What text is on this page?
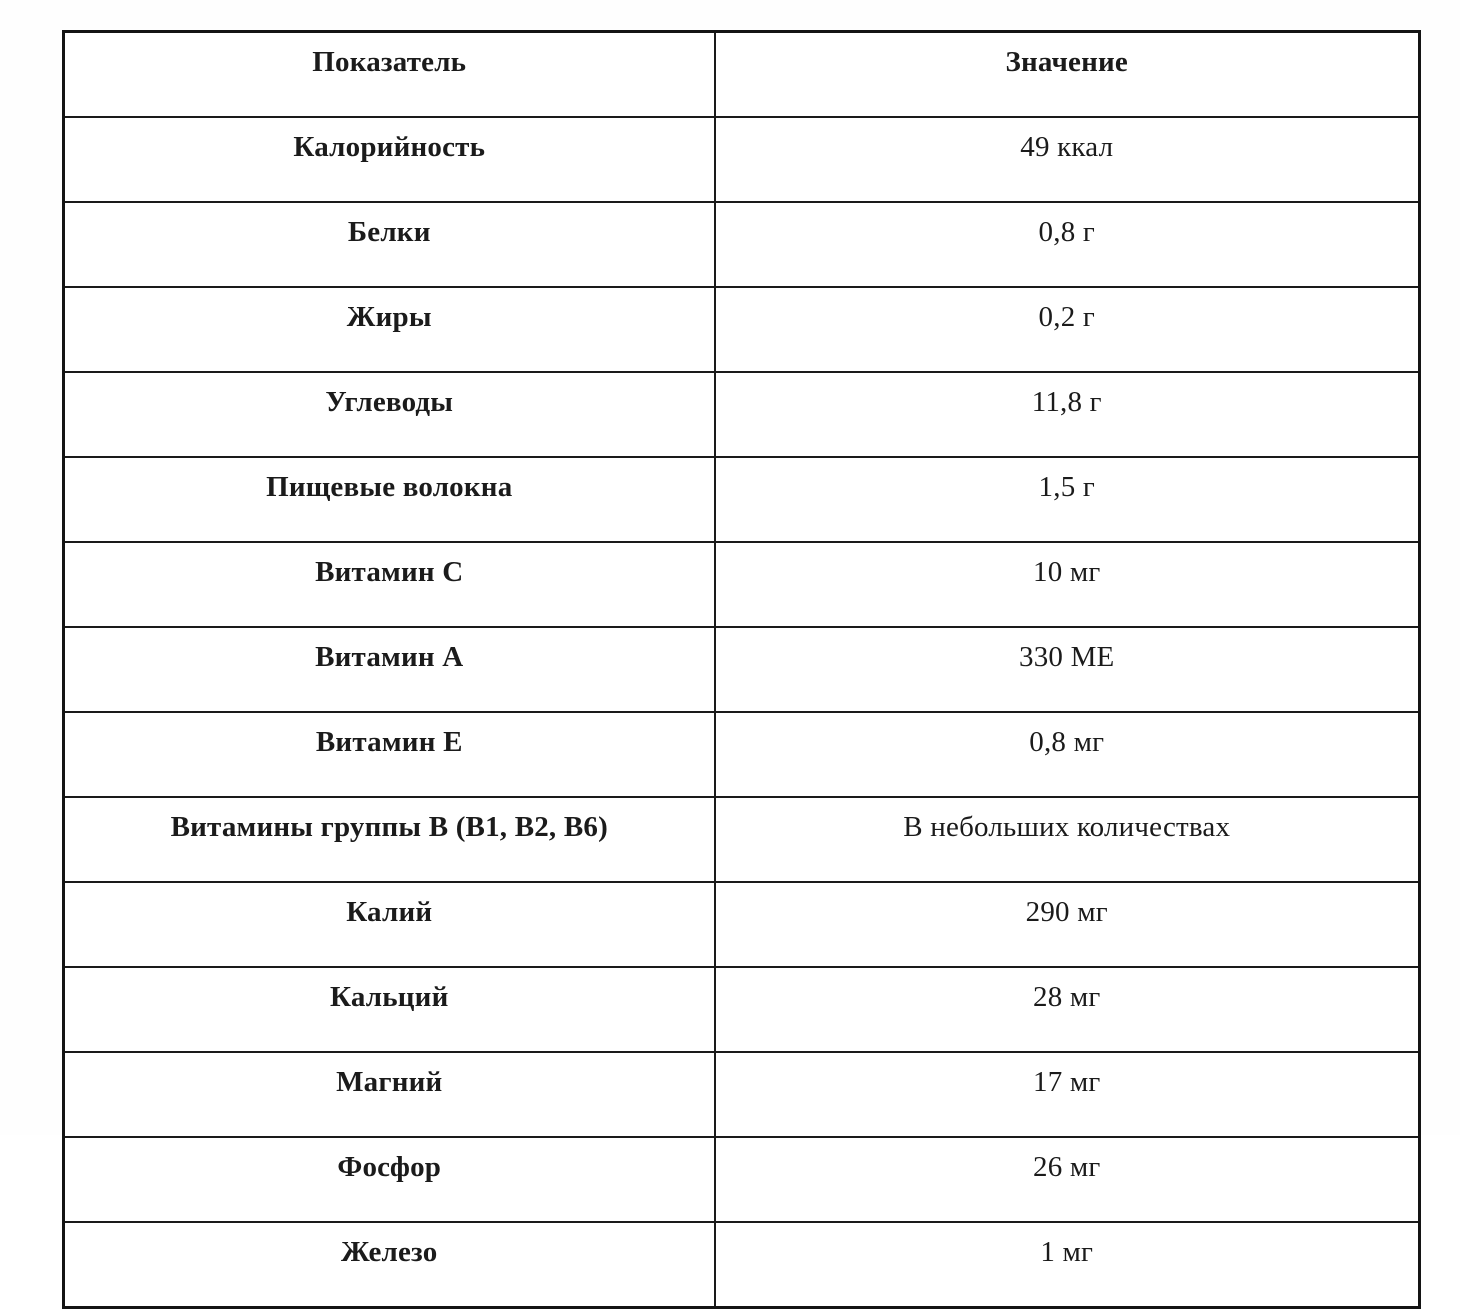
Показатель	Значение
Калорийность	49 ккал
Белки	0,8 г
Жиры	0,2 г
Углеводы	11,8 г
Пищевые волокна	1,5 г
Витамин C	10 мг
Витамин A	330 МЕ
Витамин E	0,8 мг
Витамины группы B (B1, B2, B6)	В небольших количествах
Калий	290 мг
Кальций	28 мг
Магний	17 мг
Фосфор	26 мг
Железо	1 мг
